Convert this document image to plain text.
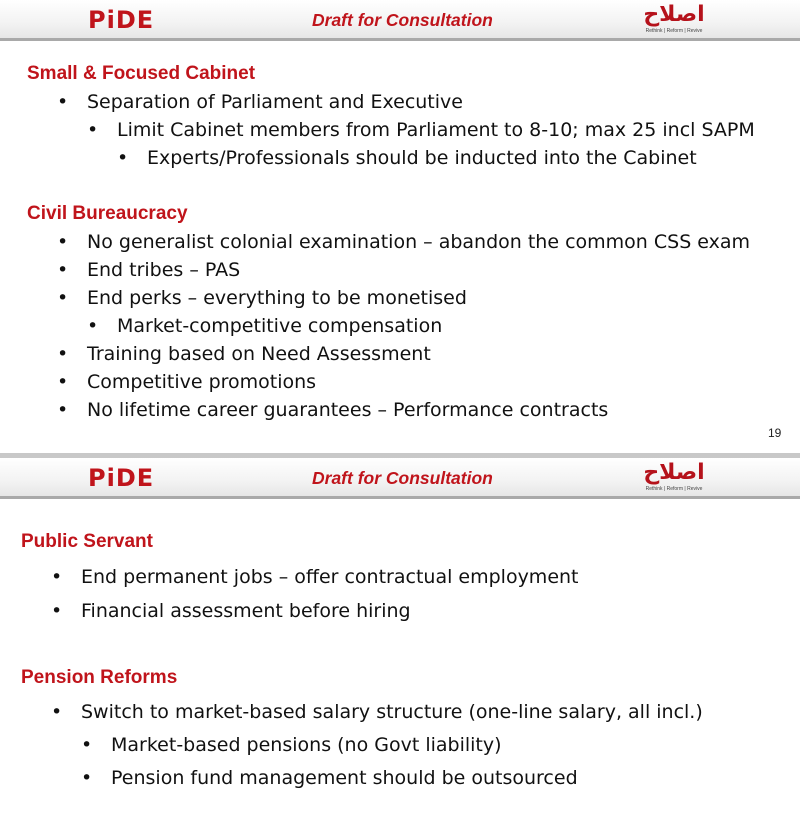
PiDE	Draft for Consultation	اصلاح
Rethink | Reform | Revive
Small & Focused Cabinet
• Separation of Parliament and Executive
• Limit Cabinet members from Parliament to 8-10; max 25 incl SAPM
• Experts/Professionals should be inducted into the Cabinet
Civil Bureaucracy
• No generalist colonial examination – abandon the common CSS exam
• End tribes – PAS
• End perks – everything to be monetised
• Market-competitive compensation
• Training based on Need Assessment
• Competitive promotions
• No lifetime career guarantees – Performance contracts
19
PiDE	Draft for Consultation	اصلاح
Rethink | Reform | Revive
Public Servant
• End permanent jobs – offer contractual employment
• Financial assessment before hiring
Pension Reforms
• Switch to market-based salary structure (one-line salary, all incl.)
• Market-based pensions (no Govt liability)
• Pension fund management should be outsourced
